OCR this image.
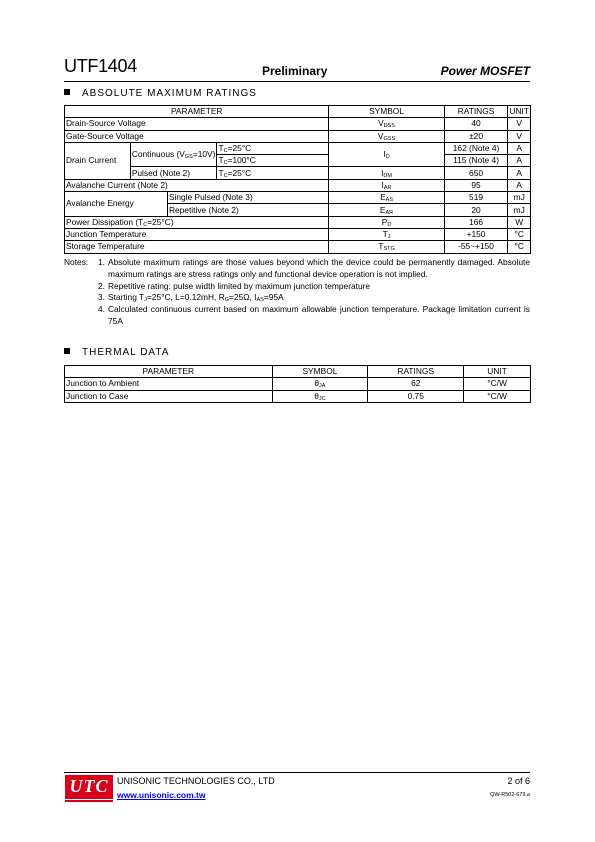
UTF1404	Preliminary	Power MOSFET
ABSOLUTE MAXIMUM RATINGS
PARAMETER				SYMBOL	RATINGS	UNIT
Drain-Source Voltage				$V_{DSS}$	40	V
Gate-Source Voltage				$V_{GSS}$	±20	V
Drain Current	Continuous $(V_{GS}=10V)$		$T_C=25^\circ C$	$I_D$	162 (Note 4)	A
			$T_C=100^\circ C$		115 (Note 4)	A
	Pulsed (Note 2)		$T_C=25^\circ C$	$I_{DM}$	650	A
Avalanche Current (Note 2)				$I_{AR}$	95	A
Avalanche Energy		Single Pulsed (Note 3)		$E_{AS}$	519	mJ
		Repetitive (Note 2)		$E_{AR}$	20	mJ
Power Dissipation $(T_C=25^\circ C)$				$P_D$	166	W
Junction Temperature				$T_J$	+150	°C
Storage Temperature				$T_{STG}$	-55~+150	°C
Notes: 1. Absolute maximum ratings are those values beyond which the device could be permanently damaged. Absolute maximum ratings are stress ratings only and functional device operation is not implied.
2. Repetitive rating: pulse width limited by maximum junction temperature
3. Starting $T_J=25^\circ C$, L=0.12mH, $R_G=25\Omega$, $I_{AS}=95A$
4. Calculated continuous current based on maximum allowable junction temperature. Package limitation current is 75A
THERMAL DATA
PARAMETER	SYMBOL	RATINGS	UNIT
Junction to Ambient	$\theta_{JA}$	62	°C/W
Junction to Case	$\theta_{JC}$	0.75	°C/W
UTC UNISONIC TECHNOLOGIES CO., LTD
www.unisonic.com.tw
2 of 6
QW-R502-679.a
